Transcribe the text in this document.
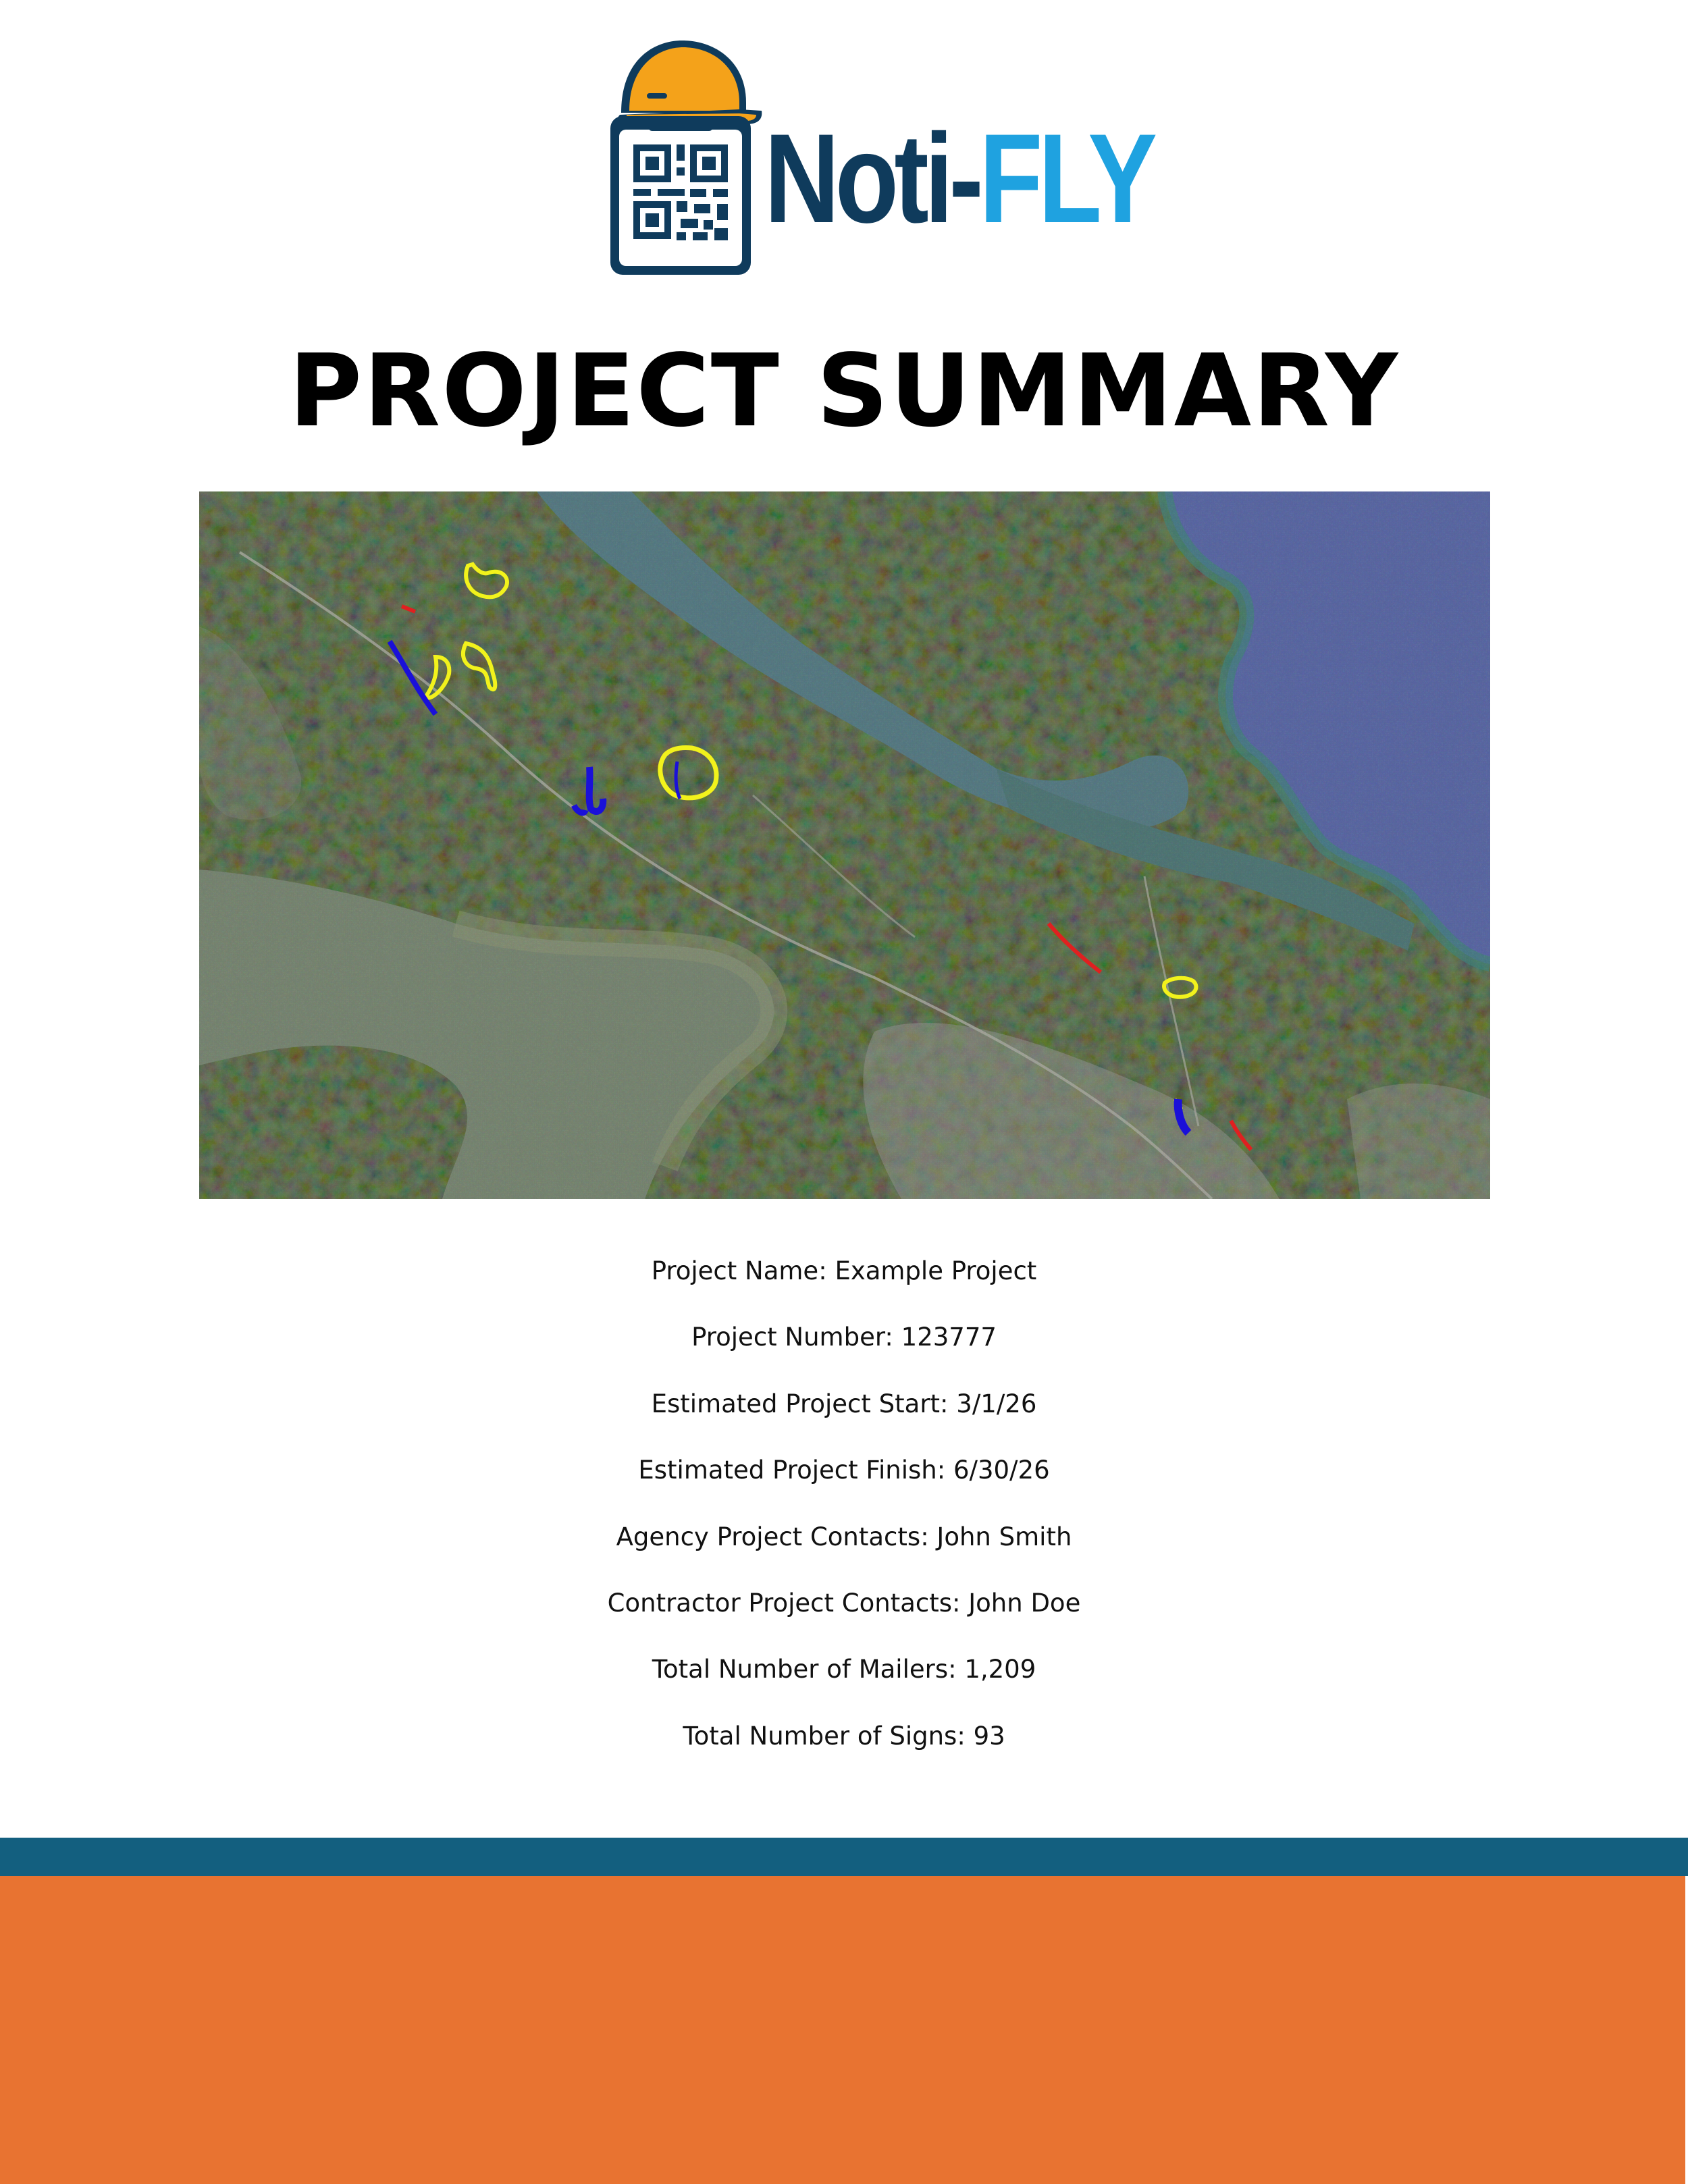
Noti-FLY
PROJECT SUMMARY
Project Name: Example Project
Project Number: 123777
Estimated Project Start: 3/1/26
Estimated Project Finish: 6/30/26
Agency Project Contacts: John Smith
Contractor Project Contacts: John Doe
Total Number of Mailers: 1,209
Total Number of Signs: 93
